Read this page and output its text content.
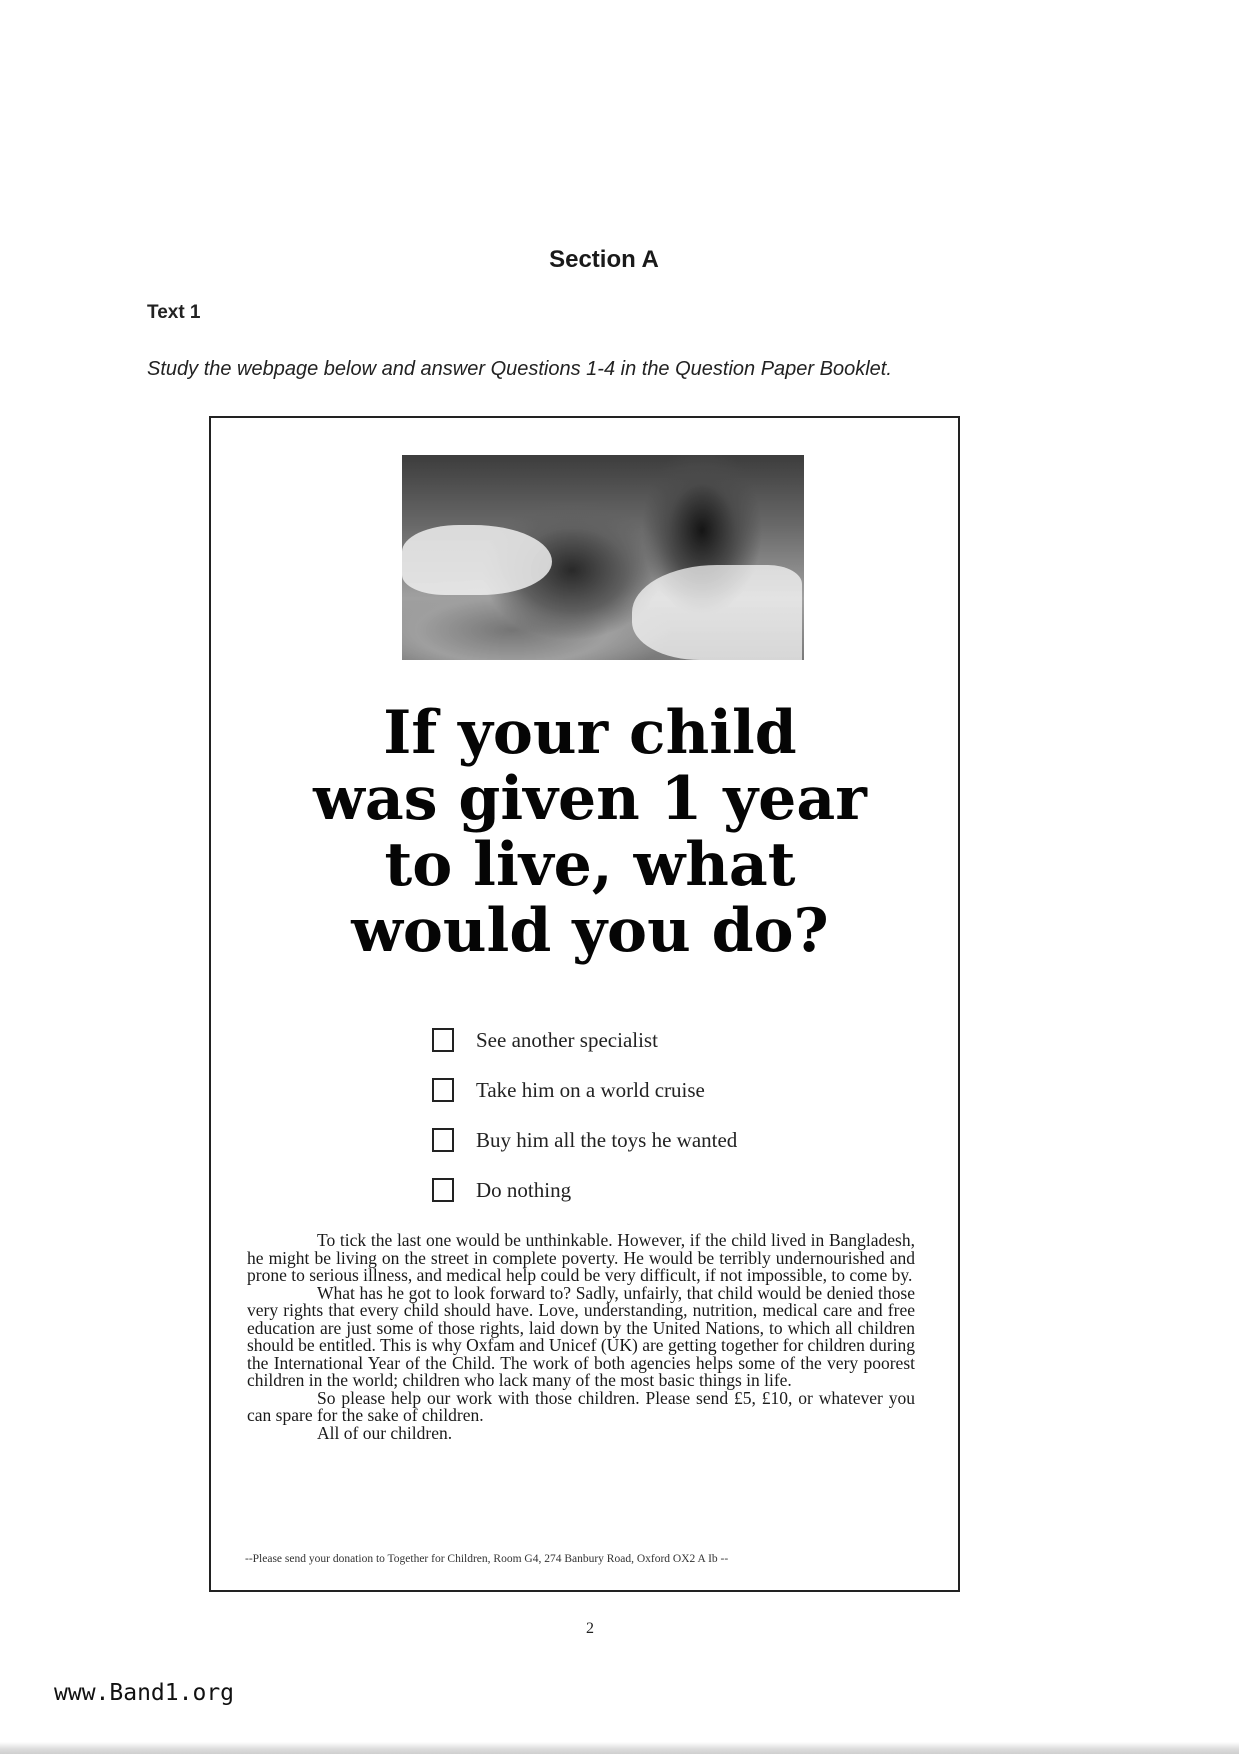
Section A
Text 1
Study the webpage below and answer Questions 1-4 in the Question Paper Booklet.
If your child
was given 1 year
to live, what
would you do?
See another specialist
Take him on a world cruise
Buy him all the toys he wanted
Do nothing

To tick the last one would be unthinkable. However, if the child lived in Bangladesh, he might be living on the street in complete poverty. He would be terribly undernourished and prone to serious illness, and medical help could be very difficult, if not impossible, to come by.

What has he got to look forward to? Sadly, unfairly, that child would be denied those very rights that every child should have. Love, understanding, nutrition, medical care and free education are just some of those rights, laid down by the United Nations, to which all children should be entitled. This is why Oxfam and Unicef (UK) are getting together for children during the International Year of the Child. The work of both agencies helps some of the very poorest children in the world; children who lack many of the most basic things in life.

So please help our work with those children. Please send £5, £10, or whatever you can spare for the sake of children.

All of our children.

--Please send your donation to Together for Children, Room G4, 274 Banbury Road, Oxford OX2 A Ib --
2
www.Band1.org
